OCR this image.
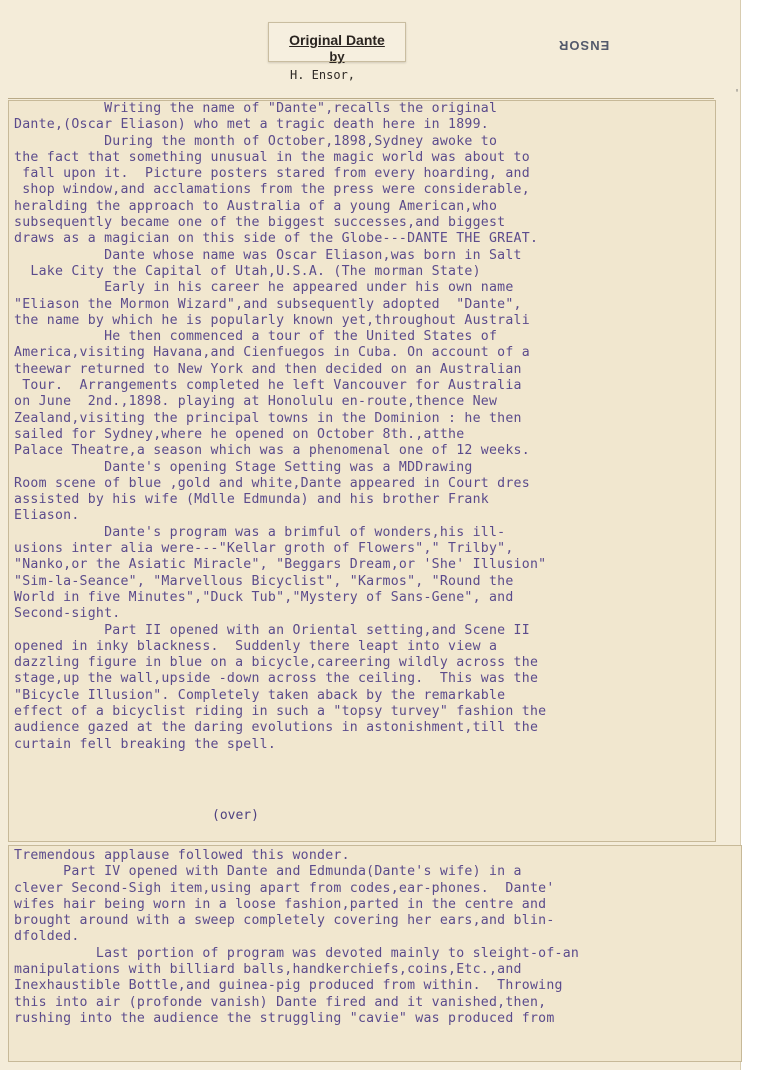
Original Dante
by
H. Ensor,
ENSOR
'
Writing the name of "Dante",recalls the original
Dante,(Oscar Eliason) who met a tragic death here in 1899.
During the month of October,1898,Sydney awoke to
the fact that something unusual in the magic world was about to
fall upon it.  Picture posters stared from every hoarding, and
shop window,and acclamations from the press were considerable,
heralding the approach to Australia of a young American,who
subsequently became one of the biggest successes,and biggest
draws as a magician on this side of the Globe---DANTE THE GREAT.
Dante whose name was Oscar Eliason,was born in Salt
Lake City the Capital of Utah,U.S.A. (The morman State)
Early in his career he appeared under his own name
"Eliason the Mormon Wizard",and subsequently adopted  "Dante",
the name by which he is popularly known yet,throughout Australi
He then commenced a tour of the United States of
America,visiting Havana,and Cienfuegos in Cuba. On account of a
theewar returned to New York and then decided on an Australian
Tour.  Arrangements completed he left Vancouver for Australia
on June  2nd.,1898. playing at Honolulu en-route,thence New
Zealand,visiting the principal towns in the Dominion : he then
sailed for Sydney,where he opened on October 8th.,atthe
Palace Theatre,a season which was a phenomenal one of 12 weeks.
Dante's opening Stage Setting was a MDDrawing
Room scene of blue ,gold and white,Dante appeared in Court dres
assisted by his wife (Mdlle Edmunda) and his brother Frank
Eliason.
Dante's program was a brimful of wonders,his ill-
usions inter alia were---"Kellar groth of Flowers"," Trilby",
"Nanko,or the Asiatic Miracle", "Beggars Dream,or 'She' Illusion"
"Sim-la-Seance", "Marvellous Bicyclist", "Karmos", "Round the
World in five Minutes","Duck Tub","Mystery of Sans-Gene", and
Second-sight.
Part II opened with an Oriental setting,and Scene II
opened in inky blackness.  Suddenly there leapt into view a
dazzling figure in blue on a bicycle,careering wildly across the
stage,up the wall,upside -down across the ceiling.  This was the
"Bicycle Illusion". Completely taken aback by the remarkable
effect of a bicyclist riding in such a "topsy turvey" fashion the
audience gazed at the daring evolutions in astonishment,till the
curtain fell breaking the spell.
(over)
Tremendous applause followed this wonder.
Part IV opened with Dante and Edmunda(Dante's wife) in a
clever Second-Sigh item,using apart from codes,ear-phones.  Dante'
wifes hair being worn in a loose fashion,parted in the centre and
brought around with a sweep completely covering her ears,and blin-
dfolded.
Last portion of program was devoted mainly to sleight-of-an
manipulations with billiard balls,handkerchiefs,coins,Etc.,and
Inexhaustible Bottle,and guinea-pig produced from within.  Throwing
this into air (profonde vanish) Dante fired and it vanished,then,
rushing into the audience the struggling "cavie" was produced from
